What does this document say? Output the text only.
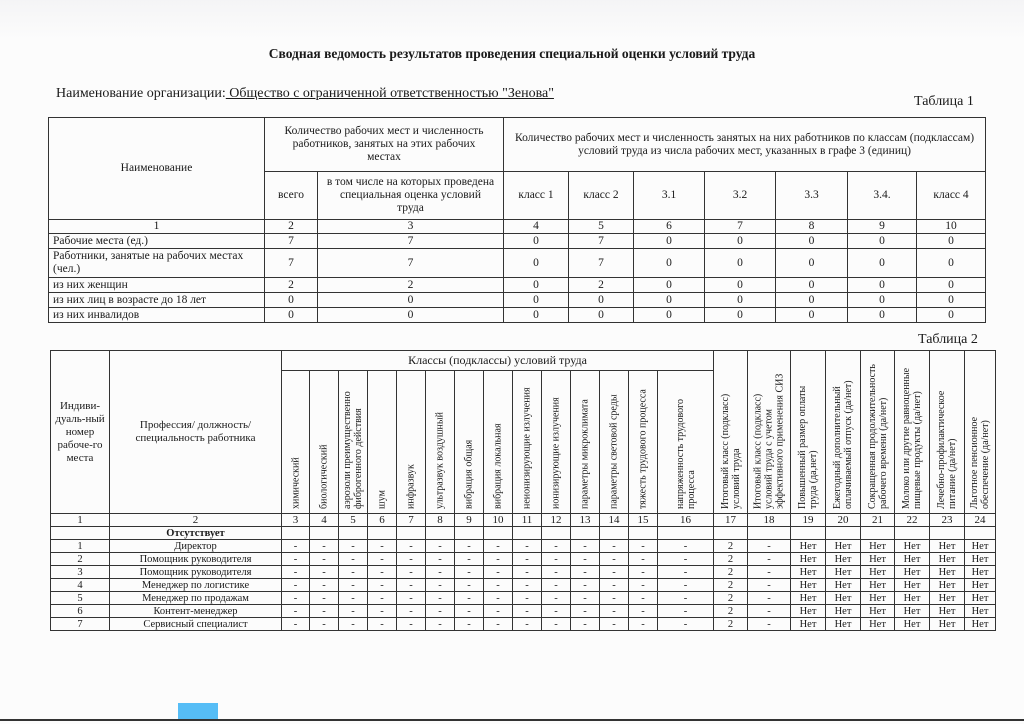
Сводная ведомость результатов проведения специальной оценки условий труда
Наименование организации: Общество с ограниченной ответственностью "Зенова"
Таблица 1
Наименование	Количество рабочих мест и численность работников, занятых на этих рабочих местах		Количество рабочих мест и численность занятых на них работников по классам (подклассам) условий труда из числа рабочих мест, указанных в графе 3 (единиц)						

	всего	в том числе на которых проведена специальная оценка условий труда	класс 1	класс 2	3.1	3.2	3.3	3.4.	класс 4
1	2	3	4	5	6	7	8	9	10
Рабочие места (ед.)	7	7	0	7	0	0	0	0	0
Работники, занятые на рабочих местах (чел.)	7	7	0	7	0	0	0	0	0
из них женщин	2	2	0	2	0	0	0	0	0
из них лиц в возрасте до 18 лет	0	0	0	0	0	0	0	0	0
из них инвалидов	0	0	0	0	0	0	0	0	0
Таблица 2
Индиви-дуаль-ный номер рабоче-го места	Профессия/ должность/ специальность работника	Классы (подклассы) условий труда														Итоговый класс (подкласс) условий труда	Итоговый класс (подкласс) условий труда с учетом эффективного применения СИЗ	Повышенный размер оплаты труда (да,нет)	Ежегодный дополнительный оплачиваемый отпуск (да/нет)	Сокращенная продолжительность рабочего времени (да/нет)	Молоко или другие равноценные пищевые продукты (да/нет)	Лечебно-профилактическое питание (да/нет)	Льготное пенсионное обеспечение (да/нет)

		химический	биологический	аэрозоли преимущественно фиброгенного действия	шум	инфразвук	ультразвук воздушный	вибрация общая	вибрация локальная	неионизирующие излучения	ионизирующие излучения	параметры микроклимата	параметры световой среды	тяжесть трудового процесса	напряженность трудового процесса								

1	2	3	4	5	6	7	8	9	10	11	12	13	14	15	16	17	18	19	20	21	22	23	24
	Отсутствует																						
1	Директор	-	-	-	-	-	-	-	-	-	-	-	-	-	-	2	-	Нет	Нет	Нет	Нет	Нет	Нет
2	Помощник руководителя	-	-	-	-	-	-	-	-	-	-	-	-	-	-	2	-	Нет	Нет	Нет	Нет	Нет	Нет
3	Помощник руководителя	-	-	-	-	-	-	-	-	-	-	-	-	-	-	2	-	Нет	Нет	Нет	Нет	Нет	Нет
4	Менеджер по логистике	-	-	-	-	-	-	-	-	-	-	-	-	-	-	2	-	Нет	Нет	Нет	Нет	Нет	Нет
5	Менеджер по продажам	-	-	-	-	-	-	-	-	-	-	-	-	-	-	2	-	Нет	Нет	Нет	Нет	Нет	Нет
6	Контент-менеджер	-	-	-	-	-	-	-	-	-	-	-	-	-	-	2	-	Нет	Нет	Нет	Нет	Нет	Нет
7	Сервисный специалист	-	-	-	-	-	-	-	-	-	-	-	-	-	-	2	-	Нет	Нет	Нет	Нет	Нет	Нет
